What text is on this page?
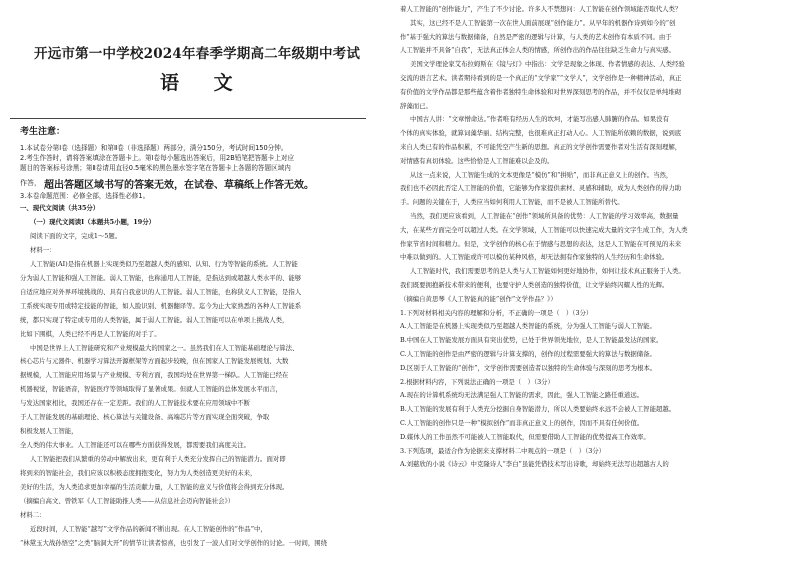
开远市第一中学校2024年春季学期高二年级期中考试
语 文
考生注意：
1.本试卷分第Ⅰ卷（选择题）和第Ⅱ卷（非选择题）两部分，满分150分，考试时间150分钟。
2.考生作答时，请将答案填涂在答题卡上。第Ⅰ卷每小题选出答案后，用2B铅笔把答题卡上对应
题目的答案标号涂黑；第Ⅱ卷请用直径0.5毫米的黑色墨水签字笔在答题卡上各题的答题区域内
作答， 超出答题区域书写的答案无效，在试卷、草稿纸上作答无效。
3.本卷命题范围：必修全部，选择性必修1。
一、现代文阅读（共35分）
（一）现代文阅读Ⅰ（本题共5小题，19分）
阅读下面的文字，完成1～5题。
材料一：
人工智能(AI)是指在机器上实现类似乃至超越人类的感知、认知、行为等智能的系统。人工智能
分为弱人工智能和强人工智能。弱人工智能，也称通用人工智能，是指达到或超越人类水平的、能够
自适应地应对外界环境挑战的、具有自我意识的人工智能。弱人工智能，也称狭义人工智能，是指人
工系统实现专用或特定技能的智能，如人脸识别、机器翻译等。迄今为止大家熟悉的各种人工智能系
统，都只实现了特定或专用的人类智能，属于弱人工智能。弱人工智能可以在单项上挑战人类，
比如下围棋，人类已经不再是人工智能的对手了。
中国是世界上人工智能研究和产业规模最大的国家之一。虽然我们在人工智能基础理论与算法、
核心芯片与元器件、机器学习算法开源框架等方面起步较晚，但在国家人工智能发展规划、大数
据规模，人工智能应用场景与产业规模、专利方面，我国均处在世界第一梯队。人工智能已经在
机器视觉，智能语音，智能医疗等领域取得了显著成果。但就人工智能的总体发展水平而言，
与发达国家相比，我国还存在一定差距。我们的人工智能技术要在应用领域中不断
于人工智能发展的基础理论、核心算法与关键设备、高端芯片等方面实现全面突破，争取
积极发展人工智能，
全人类的伟大事业。人工智能还可以在哪些方面获得发展，都需要我们高度关注。
人工智能把我们从繁重的劳动中解放出来，更有利于人类充分发挥自己的智能潜力。面对即
将到来的智能社会，我们应该以积极态度拥抱变化，努力为人类创造更美好的未来，
美好的生活，为人类追求更加幸福的生活贡献力量，人工智能的意义与价值将会得到充分体现。
（摘编自高文、曾铁军《人工智能助推人类——从信息社会迈向智能社会》）
材料二：
近段时间，人工智能“越写”文学作品的新闻不断出现。在人工智能创作的“作品”中，
“林黛玉大战孙悟空”之类“脑洞大开”的情节让读者惊喜，也引发了一波人们对文学创作的讨论。一时间，围绕
着人工智能的“创作能力”，产生了不少讨论。许多人不禁想问：人工智能在创作领域能否取代人类？
其实，这已经不是人工智能第一次在世人面前展现“创作能力”。从早年的机器作诗到如今的“创
作”基于强大的算法与数据储备，自然是严密的逻辑与计算，与人类的艺术创作有本质不同。由于
人工智能并不具备“自我”，无法真正体会人类的情感，所创作出的作品往往缺乏生命力与真实感。
美国文学理论家艾布拉姆斯在《镜与灯》中指出：文学是现象之体现、作者情感的表达、人类经验
交流的语言艺术。读者期待看到的是一个真正的“文学家”“文学人”，文学创作是一种精神活动，真正
有价值的文学作品都是那些蕴含着作者独特生命体验和对世界深刻思考的作品，并不仅仅是单纯堆砌
辞藻而已。
中国古人讲：“文章憎命达。”作者唯有经历人生的坎坷，才能写出感人肺腑的作品。如果没有
个体的真实体验，就算词藻华丽、结构完整，也很难真正打动人心。人工智能所依赖的数据，说到底
来自人类已有的作品积累，不可能凭空产生新的思想。真正的文学创作需要作者对生活有深刻理解，
对情感有真切体验。这些恰恰是人工智能难以企及的。
从这一点来说，人工智能生成的文本更像是“模仿”和“拼贴”，而非真正意义上的创作。当然，
我们也不必因此否定人工智能的价值，它能够为作家提供素材、灵感和辅助，成为人类创作的得力助
手。问题的关键在于，人类应当如何利用人工智能，而不是被人工智能所替代。
当然，我们更应该看到，人工智能在“创作”领域所具备的优势：人工智能的学习效率高，数据量
大，在某些方面完全可以超过人类。在文学领域，人工智能可以快速完成大量的文字生成工作，为人类
作家节省时间和精力。但是，文学创作的核心在于情感与思想的表达，这是人工智能在可预见的未来
中难以做到的。人工智能或许可以模仿某种风格，却无法拥有作家独特的人生经历和生命体验。
人工智能时代，我们需要思考的是人类与人工智能如何更好地协作，如何让技术真正服务于人类。
我们既要拥抱新技术带来的便利，也要守护人类创造的独特价值，让文学始终闪耀人性的光辉。
（摘编自黄思琴《人工智能真的能“创作”文学作品？》）
1.下列对材料相关内容的理解和分析，不正确的一项是（　）（3分）
A.人工智能是在机器上实现类似乃至超越人类智能的系统，分为强人工智能与弱人工智能。
B.中国在人工智能发展方面具有突出优势，已处于世界领先地位，是人工智能最发达的国家。
C.人工智能的创作是由严密的逻辑与计算支撑的，创作的过程需要强大的算法与数据储备。
D.区别于人工智能的“创作”，文学创作需要创造者以独特的生命体验与深刻的思考为根本。
2.根据材料内容，下列说法正确的一项是（　）（3分）
A.现在的计算机系统均无法满足强人工智能的需求，因此，强人工智能之路任重道远。
B.人工智能的发展有利于人类充分挖掘自身智能潜力，所以人类要始终永远不会被人工智能超越。
C.人工智能的创作只是一种“模拟创作”而非真正意义上的创作，因而不具有任何价值。
D.媒体人的工作虽然不可能被人工智能取代，但需要借助人工智能的优势提高工作效率。
3.下列选项，最适合作为论据来支撑材料二中观点的一项是（　）（3分）
A.刘慈欣的小说《诗云》中克隆诗人“李白”虽能凭借技术写出诗歌，却始终无法写出超越古人的
